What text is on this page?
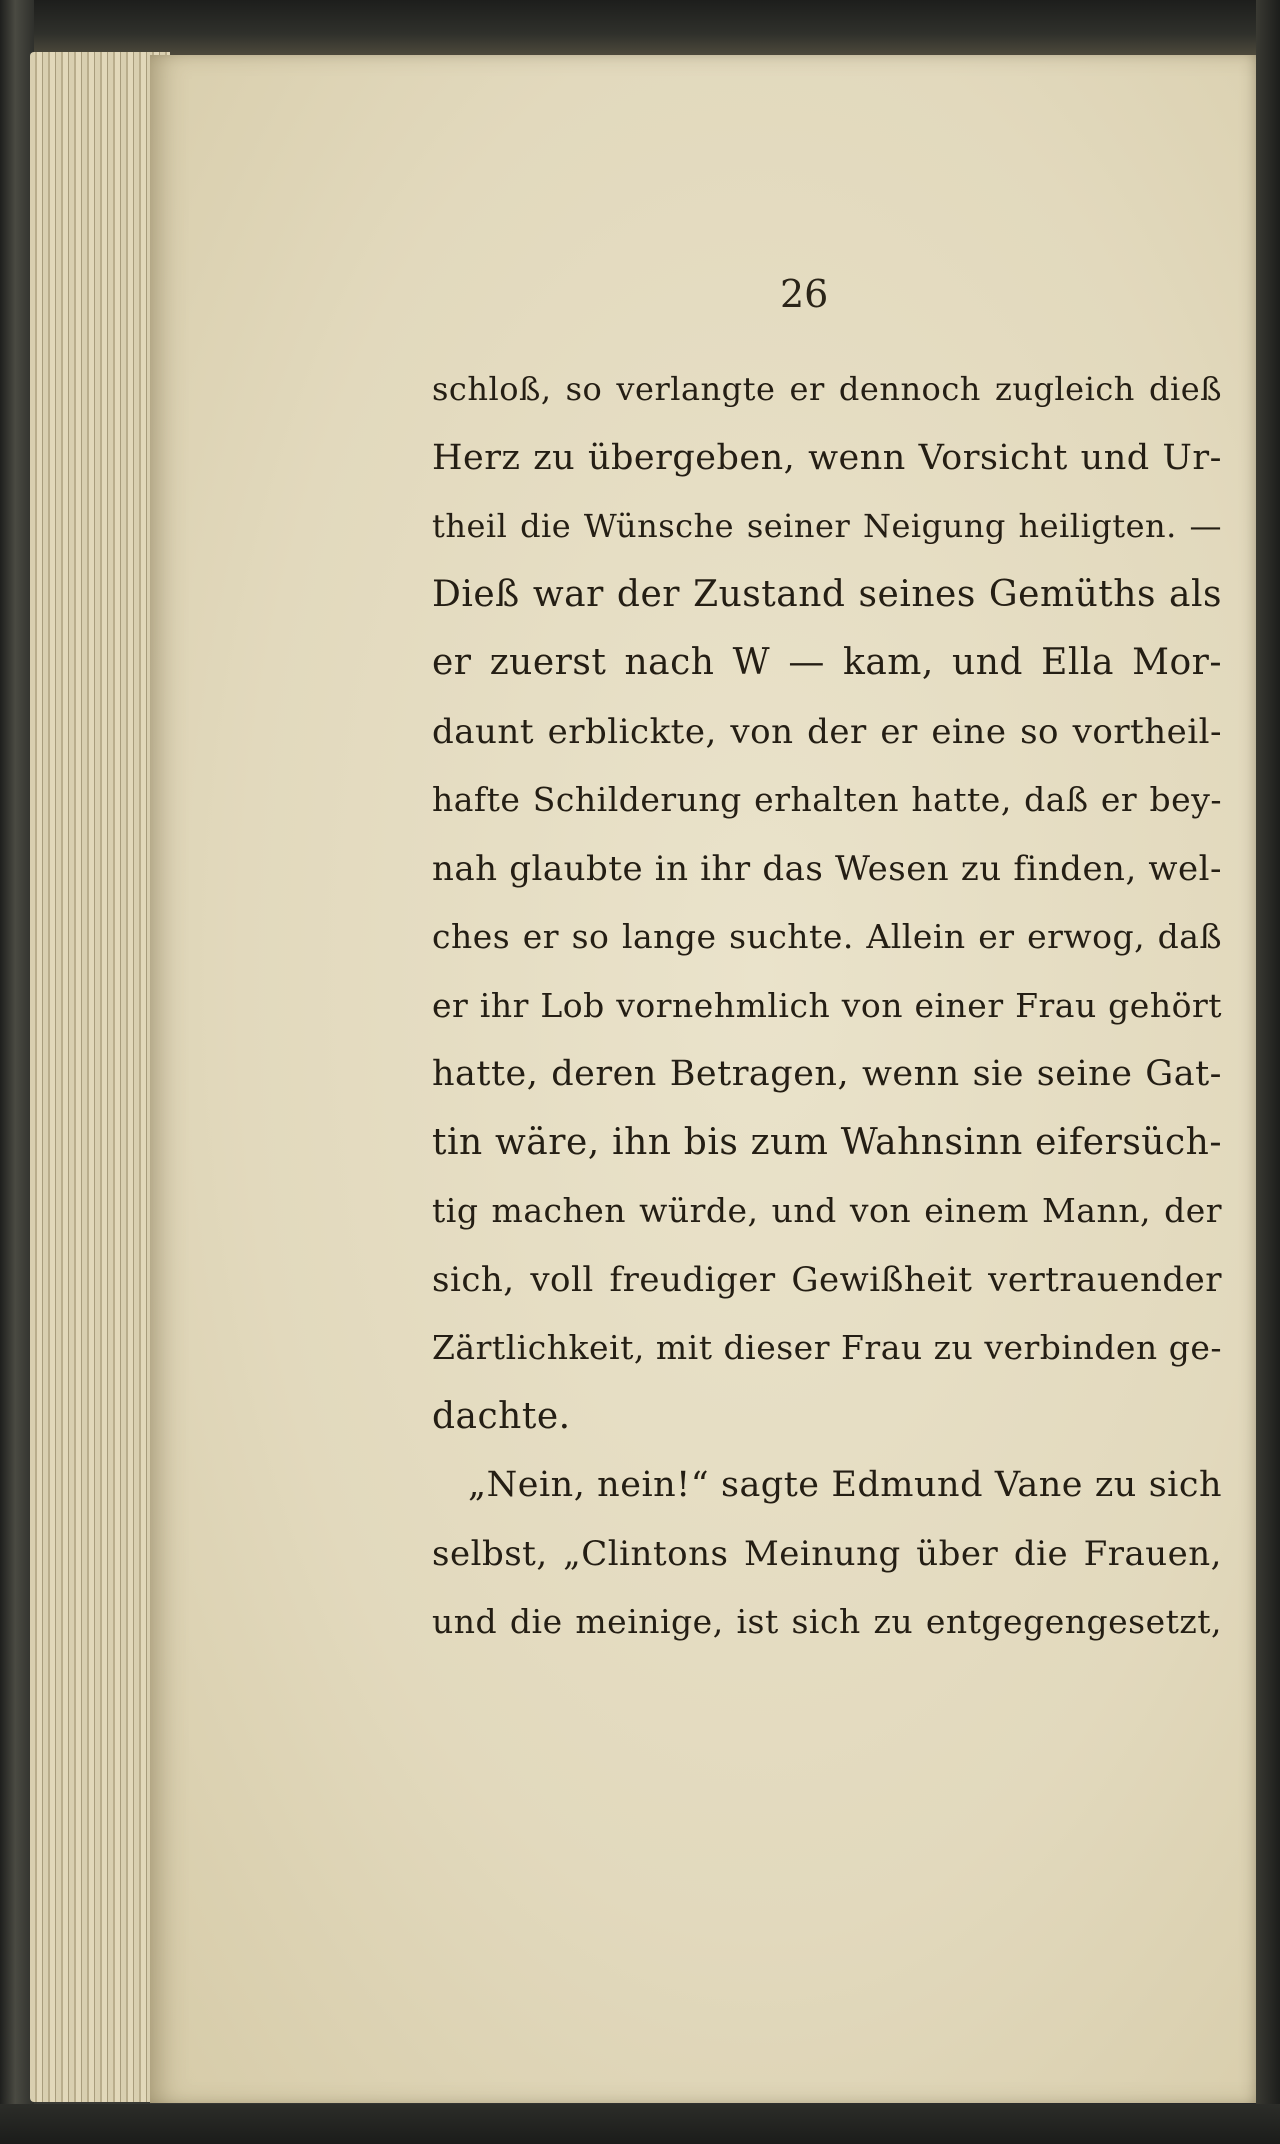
26
schloß, so verlangte er dennoch zugleich dieß
Herz zu übergeben, wenn Vorsicht und Ur-
theil die Wünsche seiner Neigung heiligten. —
Dieß war der Zustand seines Gemüths als
er zuerst nach W — kam, und Ella Mor-
daunt erblickte, von der er eine so vortheil-
hafte Schilderung erhalten hatte, daß er bey-
nah glaubte in ihr das Wesen zu finden, wel-
ches er so lange suchte. Allein er erwog, daß
er ihr Lob vornehmlich von einer Frau gehört
hatte, deren Betragen, wenn sie seine Gat-
tin wäre, ihn bis zum Wahnsinn eifersüch-
tig machen würde, und von einem Mann, der
sich, voll freudiger Gewißheit vertrauender
Zärtlichkeit, mit dieser Frau zu verbinden ge-
dachte.
„Nein, nein!“ sagte Edmund Vane zu sich
selbst, „Clintons Meinung über die Frauen,
und die meinige, ist sich zu entgegengesetzt,
